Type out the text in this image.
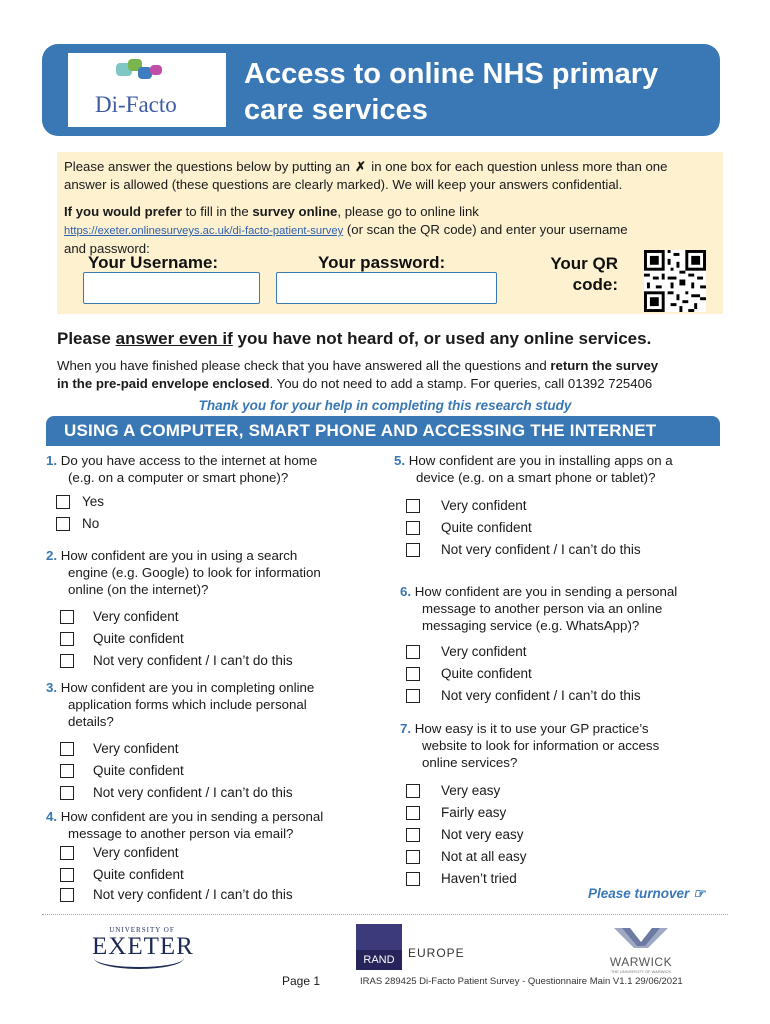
Di-Facto
Access to online NHS primary
care services
Please answer the questions below by putting an ✗ in one box for each question unless more than one
answer is allowed (these questions are clearly marked). We will keep your answers confidential.
If you would prefer to fill in the survey online, please go to online link
https://exeter.onlinesurveys.ac.uk/di-facto-patient-survey (or scan the QR code) and enter your username
and password:
Your Username:	Your password:	Your QR
code:
Please answer even if you have not heard of, or used any online services.
When you have finished please check that you have answered all the questions and return the survey
in the pre-paid envelope enclosed. You do not need to add a stamp. For queries, call 01392 725406
Thank you for your help in completing this research study
USING A COMPUTER, SMART PHONE AND ACCESSING THE INTERNET
1. Do you have access to the internet at home
(e.g. on a computer or smart phone)?
Yes
No
2. How confident are you in using a search
engine (e.g. Google) to look for information
online (on the internet)?
Very confident
Quite confident
Not very confident / I can’t do this
3. How confident are you in completing online
application forms which include personal
details?
Very confident
Quite confident
Not very confident / I can’t do this
4. How confident are you in sending a personal
message to another person via email?
Very confident
Quite confident
Not very confident / I can’t do this
5. How confident are you in installing apps on a
device (e.g. on a smart phone or tablet)?
Very confident
Quite confident
Not very confident / I can’t do this
6. How confident are you in sending a personal
message to another person via an online
messaging service (e.g. WhatsApp)?
Very confident
Quite confident
Not very confident / I can’t do this
7. How easy is it to use your GP practice’s
website to look for information or access
online services?
Very easy
Fairly easy
Not very easy
Not at all easy
Haven’t tried
Please turnover ☞
UNIVERSITY OF
EXETER	RAND	EUROPE
WARWICK
THE UNIVERSITY OF WARWICK
Page 1	IRAS 289425 Di-Facto Patient Survey - Questionnaire Main V1.1 29/06/2021
